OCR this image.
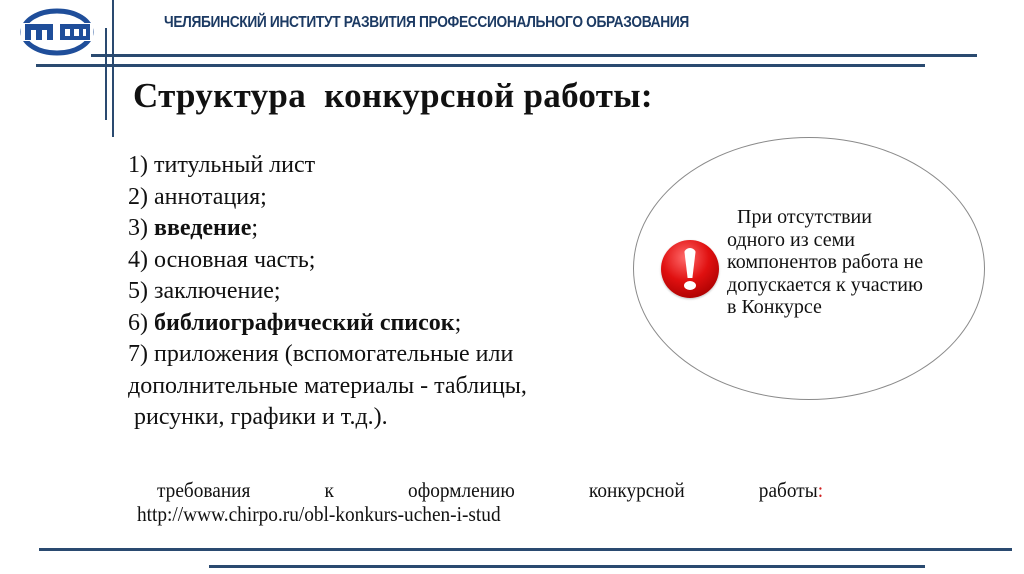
ЧЕЛЯБИНСКИЙ ИНСТИТУТ РАЗВИТИЯ ПРОФЕССИОНАЛЬНОГО ОБРАЗОВАНИЯ
Структура  конкурсной работы:
1) титульный лист
2) аннотация;
3) введение;
4) основная часть;
5) заключение;
6) библиографический список;
7) приложения (вспомогательные или
дополнительные материалы - таблицы,
рисунки, графики и т.д.).
При отсутствии
одного из семи
компонентов работа не
допускается к участию
в Конкурсе
требования	к	оформлению	конкурсной	работы:
http://www.chirpo.ru/obl-konkurs-uchen-i-stud
